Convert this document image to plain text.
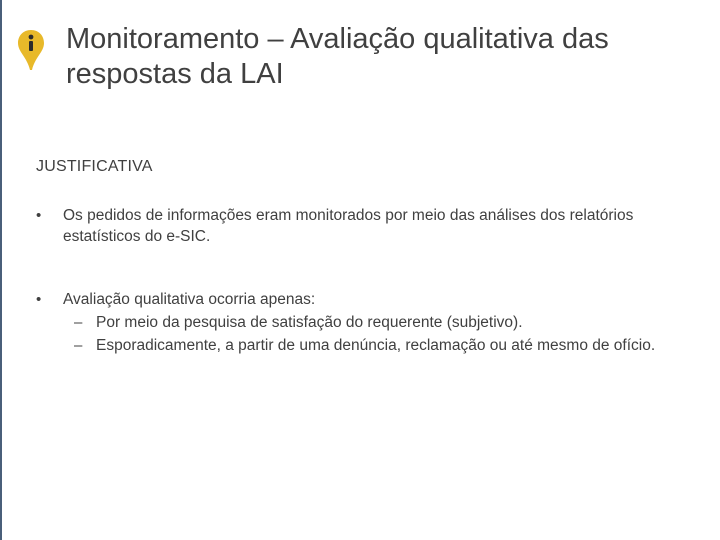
Monitoramento – Avaliação qualitativa das respostas da LAI
JUSTIFICATIVA
• Os pedidos de informações eram monitorados por meio das análises dos relatórios estatísticos do e-SIC.
• Avaliação qualitativa ocorria apenas:
– Por meio da pesquisa de satisfação do requerente (subjetivo).
– Esporadicamente, a partir de uma denúncia, reclamação ou até mesmo de ofício.
